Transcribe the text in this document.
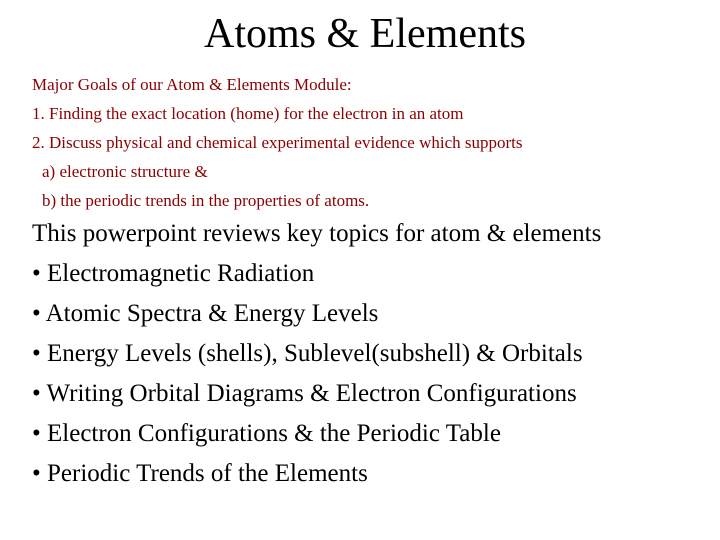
Atoms & Elements
Major Goals of our Atom & Elements Module:
1. Finding the exact location (home) for the electron in an atom
2. Discuss physical and chemical experimental evidence which supports
a) electronic structure &
b) the periodic trends in the properties of atoms.
This powerpoint reviews key topics for atom & elements
• Electromagnetic Radiation
• Atomic Spectra & Energy Levels
• Energy Levels (shells), Sublevel(subshell) & Orbitals
• Writing Orbital Diagrams & Electron Configurations
• Electron Configurations & the Periodic Table
• Periodic Trends of the Elements
